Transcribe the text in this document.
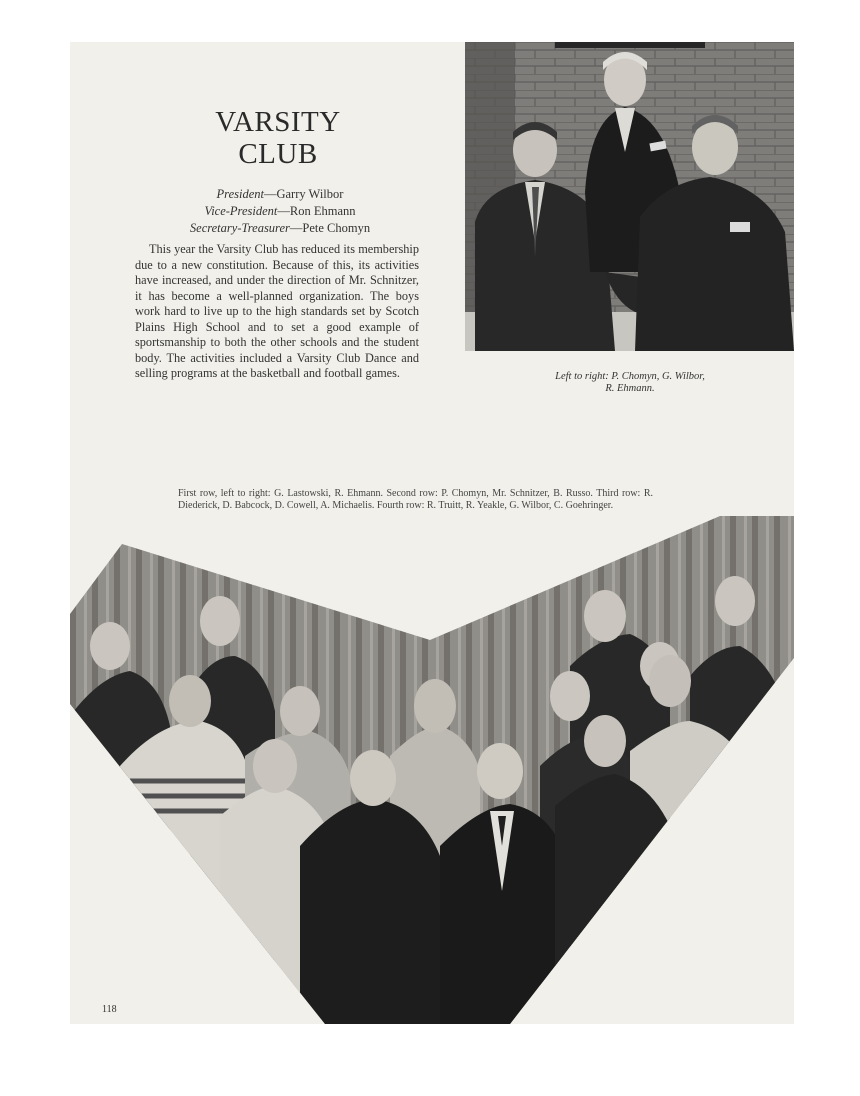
VARSITY
CLUB
President—Garry Wilbor
Vice-President—Ron Ehmann
Secretary-Treasurer—Pete Chomyn

This year the Varsity Club has reduced its membership due to a new constitution. Because of this, its activities have increased, and under the direction of Mr. Schnitzer, it has become a well-planned organization. The boys work hard to live up to the high standards set by Scotch Plains High School and to set a good example of sportsmanship to both the other schools and the student body. The activities included a Varsity Club Dance and selling programs at the basketball and football games.	Left to right: P. Chomyn, G. Wilbor,
R. Ehmann.
First row, left to right: G. Lastowski, R. Ehmann. Second row: P. Chomyn, Mr. Schnitzer, B. Russo. Third row: R. Diederick, D. Babcock, D. Cowell, A. Michaelis. Fourth row: R. Truitt, R. Yeakle, G. Wilbor, C. Goehringer.
118
